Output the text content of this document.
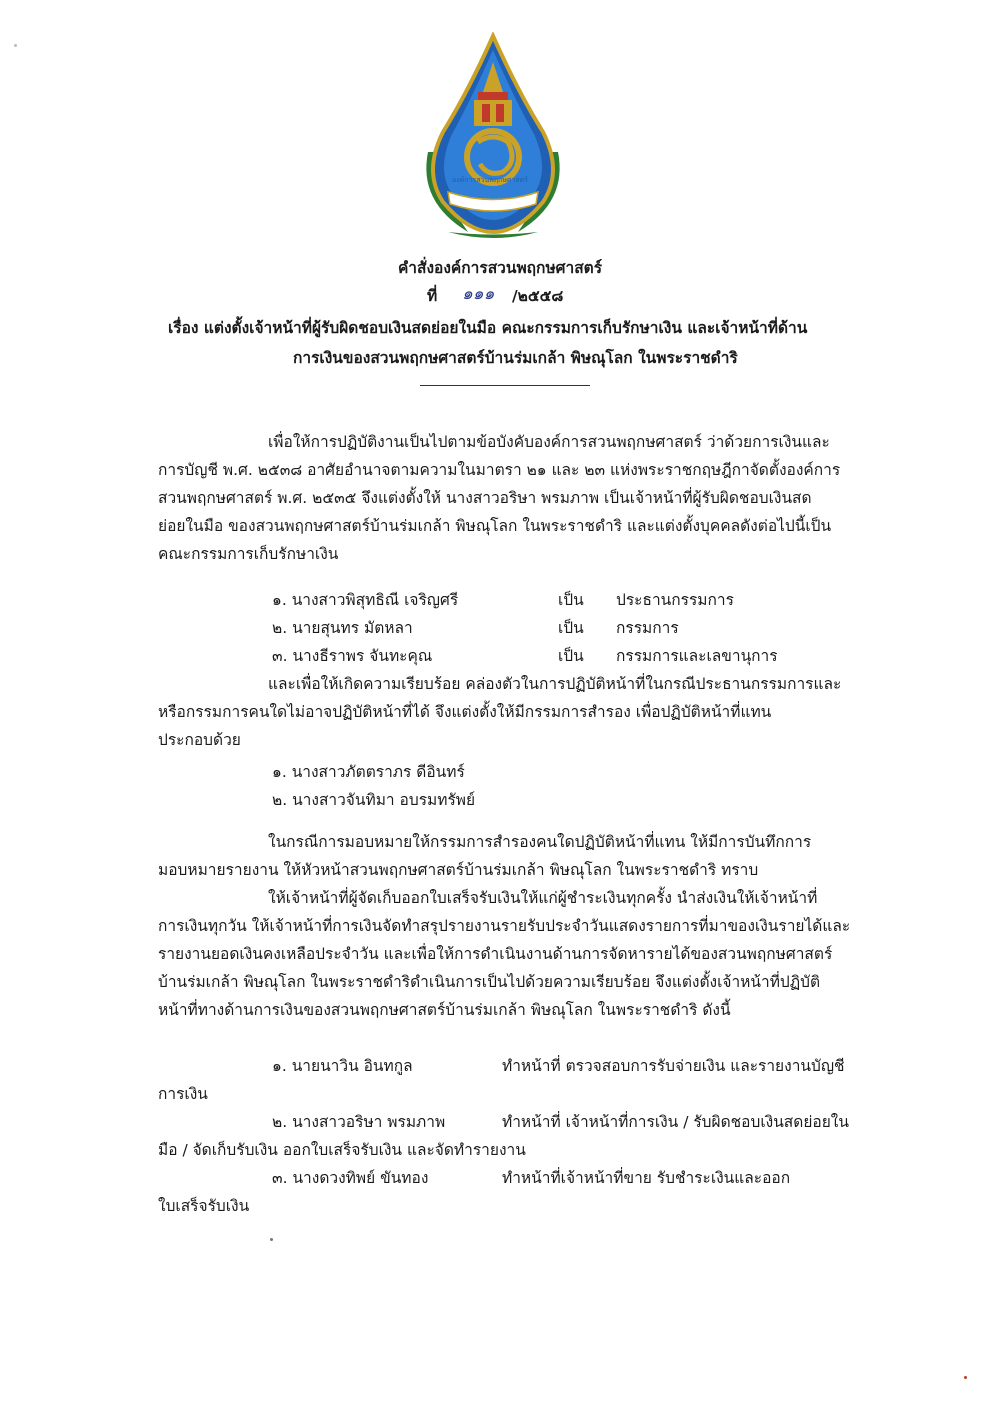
องค์การสวนพฤกษศาสตร์
คำสั่งองค์การสวนพฤกษศาสตร์
ที่ ๑๑๑ /๒๕๕๘
เรื่อง แต่งตั้งเจ้าหน้าที่ผู้รับผิดชอบเงินสดย่อยในมือ คณะกรรมการเก็บรักษาเงิน และเจ้าหน้าที่ด้าน
การเงินของสวนพฤกษศาสตร์บ้านร่มเกล้า พิษณุโลก ในพระราชดำริ
เพื่อให้การปฏิบัติงานเป็นไปตามข้อบังคับองค์การสวนพฤกษศาสตร์ ว่าด้วยการเงินและ
การบัญชี พ.ศ. ๒๕๓๘ อาศัยอำนาจตามความในมาตรา ๒๑ และ ๒๓ แห่งพระราชกฤษฎีกาจัดตั้งองค์การ
สวนพฤกษศาสตร์ พ.ศ. ๒๕๓๕ จึงแต่งตั้งให้ นางสาวอริษา พรมภาพ เป็นเจ้าหน้าที่ผู้รับผิดชอบเงินสด
ย่อยในมือ ของสวนพฤกษศาสตร์บ้านร่มเกล้า พิษณุโลก ในพระราชดำริ และแต่งตั้งบุคคลดังต่อไปนี้เป็น
คณะกรรมการเก็บรักษาเงิน
๑. นางสาวพิสุทธิณี เจริญศรี	เป็น ประธานกรรมการ
๒. นายสุนทร มัตหลา	เป็น กรรมการ
๓. นางธีราพร จันทะคุณ	เป็น กรรมการและเลขานุการ
และเพื่อให้เกิดความเรียบร้อย คล่องตัวในการปฏิบัติหน้าที่ในกรณีประธานกรรมการและ
หรือกรรมการคนใดไม่อาจปฏิบัติหน้าที่ได้ จึงแต่งตั้งให้มีกรรมการสำรอง เพื่อปฏิบัติหน้าที่แทน
ประกอบด้วย
๑. นางสาวภัตตราภร ดีอินทร์
๒. นางสาวจันทิมา อบรมทรัพย์
ในกรณีการมอบหมายให้กรรมการสำรองคนใดปฏิบัติหน้าที่แทน ให้มีการบันทึกการ
มอบหมายรายงาน ให้หัวหน้าสวนพฤกษศาสตร์บ้านร่มเกล้า พิษณุโลก ในพระราชดำริ ทราบ
ให้เจ้าหน้าที่ผู้จัดเก็บออกใบเสร็จรับเงินให้แก่ผู้ชำระเงินทุกครั้ง นำส่งเงินให้เจ้าหน้าที่
การเงินทุกวัน ให้เจ้าหน้าที่การเงินจัดทำสรุปรายงานรายรับประจำวันแสดงรายการที่มาของเงินรายได้และ
รายงานยอดเงินคงเหลือประจำวัน และเพื่อให้การดำเนินงานด้านการจัดหารายได้ของสวนพฤกษศาสตร์
บ้านร่มเกล้า พิษณุโลก ในพระราชดำริดำเนินการเป็นไปด้วยความเรียบร้อย จึงแต่งตั้งเจ้าหน้าที่ปฏิบัติ
หน้าที่ทางด้านการเงินของสวนพฤกษศาสตร์บ้านร่มเกล้า พิษณุโลก ในพระราชดำริ ดังนี้
๑. นายนาวิน อินทกูล	ทำหน้าที่ ตรวจสอบการรับจ่ายเงิน และรายงานบัญชี
การเงิน
๒. นางสาวอริษา พรมภาพ	ทำหน้าที่ เจ้าหน้าที่การเงิน / รับผิดชอบเงินสดย่อยใน
มือ / จัดเก็บรับเงิน ออกใบเสร็จรับเงิน และจัดทำรายงาน
๓. นางดวงทิพย์ ขันทอง	ทำหน้าที่เจ้าหน้าที่ขาย รับชำระเงินและออก
ใบเสร็จรับเงิน
